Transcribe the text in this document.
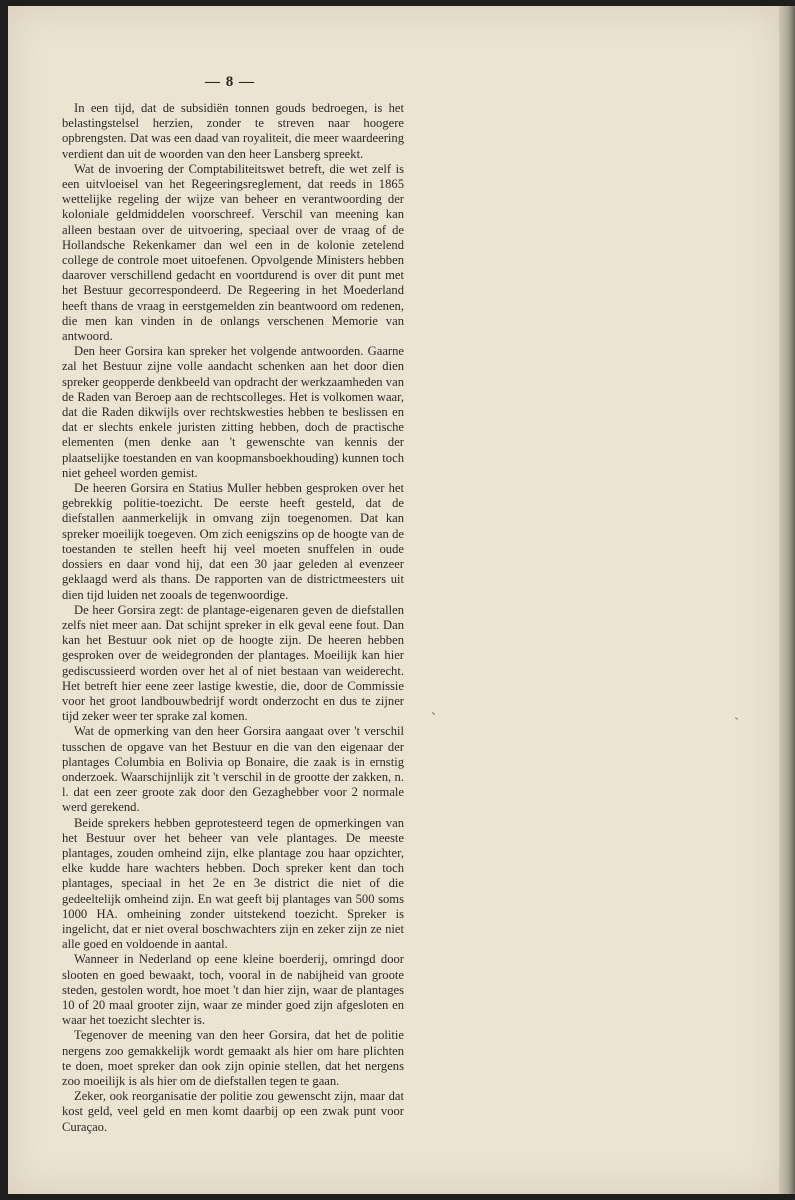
— 8 —

In een tijd, dat de subsidiën tonnen gouds bedroegen, is het belastingstelsel herzien, zonder te streven naar hoogere opbrengsten. Dat was een daad van royaliteit, die meer waardeering verdient dan uit de woorden van den heer Lansberg spreekt.

Wat de invoering der Comptabiliteitswet betreft, die wet zelf is een uitvloeisel van het Regeeringsreglement, dat reeds in 1865 wettelijke regeling der wijze van beheer en verantwoording der koloniale geldmiddelen voorschreef. Verschil van meening kan alleen bestaan over de uitvoering, speciaal over de vraag of de Hollandsche Rekenkamer dan wel een in de kolonie zetelend college de controle moet uitoefenen. Opvolgende Ministers hebben daarover verschillend gedacht en voortdurend is over dit punt met het Bestuur gecorrespondeerd. De Regeering in het Moederland heeft thans de vraag in eerstgemelden zin beantwoord om redenen, die men kan vinden in de onlangs verschenen Memorie van antwoord.

Den heer Gorsira kan spreker het volgende antwoorden. Gaarne zal het Bestuur zijne volle aandacht schenken aan het door dien spreker geopperde denkbeeld van opdracht der werkzaamheden van de Raden van Beroep aan de rechtscolleges. Het is volkomen waar, dat die Raden dikwijls over rechtskwesties hebben te beslissen en dat er slechts enkele juristen zitting hebben, doch de practische elementen (men denke aan 't gewenschte van kennis der plaatselijke toestanden en van koopmansboekhouding) kunnen toch niet geheel worden gemist.

De heeren Gorsira en Statius Muller hebben gesproken over het gebrekkig politie-toezicht. De eerste heeft gesteld, dat de diefstallen aanmerkelijk in omvang zijn toegenomen. Dat kan spreker moeilijk toegeven. Om zich eenigszins op de hoogte van de toestanden te stellen heeft hij veel moeten snuffelen in oude dossiers en daar vond hij, dat een 30 jaar geleden al evenzeer geklaagd werd als thans. De rapporten van de districtmeesters uit dien tijd luiden net zooals de tegenwoordige.

De heer Gorsira zegt: de plantage-eigenaren geven de diefstallen zelfs niet meer aan. Dat schijnt spreker in elk geval eene fout. Dan kan het Bestuur ook niet op de hoogte zijn. De heeren hebben gesproken over de weidegronden der plantages. Moeilijk kan hier gediscussieerd worden over het al of niet bestaan van weiderecht. Het betreft hier eene zeer lastige kwestie, die, door de Commissie voor het groot landbouwbedrijf wordt onderzocht en dus te zijner tijd zeker weer ter sprake zal komen.

Wat de opmerking van den heer Gorsira aangaat over 't verschil tusschen de opgave van het Bestuur en die van den eigenaar der plantages Columbia en Bolivia op Bonaire, die zaak is in ernstig onderzoek. Waarschijnlijk zit 't verschil in de grootte der zakken, n. l. dat een zeer groote zak door den Gezaghebber voor 2 normale werd gerekend.

Beide sprekers hebben geprotesteerd tegen de opmerkingen van het Bestuur over het beheer van vele plantages. De meeste plantages, zouden omheind zijn, elke plantage zou haar opzichter, elke kudde hare wachters hebben. Doch spreker kent dan toch plantages, speciaal in het 2e en 3e district die niet of die gedeeltelijk omheind zijn. En wat geeft bij plantages van 500 soms 1000 HA. omheining zonder uitstekend toezicht. Spreker is ingelicht, dat er niet overal boschwachters zijn en zeker zijn ze niet alle goed en voldoende in aantal.

Wanneer in Nederland op eene kleine boerderij, omringd door slooten en goed bewaakt, toch, vooral in de nabijheid van groote steden, gestolen wordt, hoe moet 't dan hier zijn, waar de plantages 10 of 20 maal grooter zijn, waar ze minder goed zijn afgesloten en waar het toezicht slechter is.

Tegenover de meening van den heer Gorsira, dat het de politie nergens zoo gemakkelijk wordt gemaakt als hier om hare plichten te doen, moet spreker dan ook zijn opinie stellen, dat het nergens zoo moeilijk is als hier om de diefstallen tegen te gaan.

Zeker, ook reorganisatie der politie zou gewenscht zijn, maar dat kost geld, veel geld en men komt daarbij op een zwak punt voor Curaçao.
